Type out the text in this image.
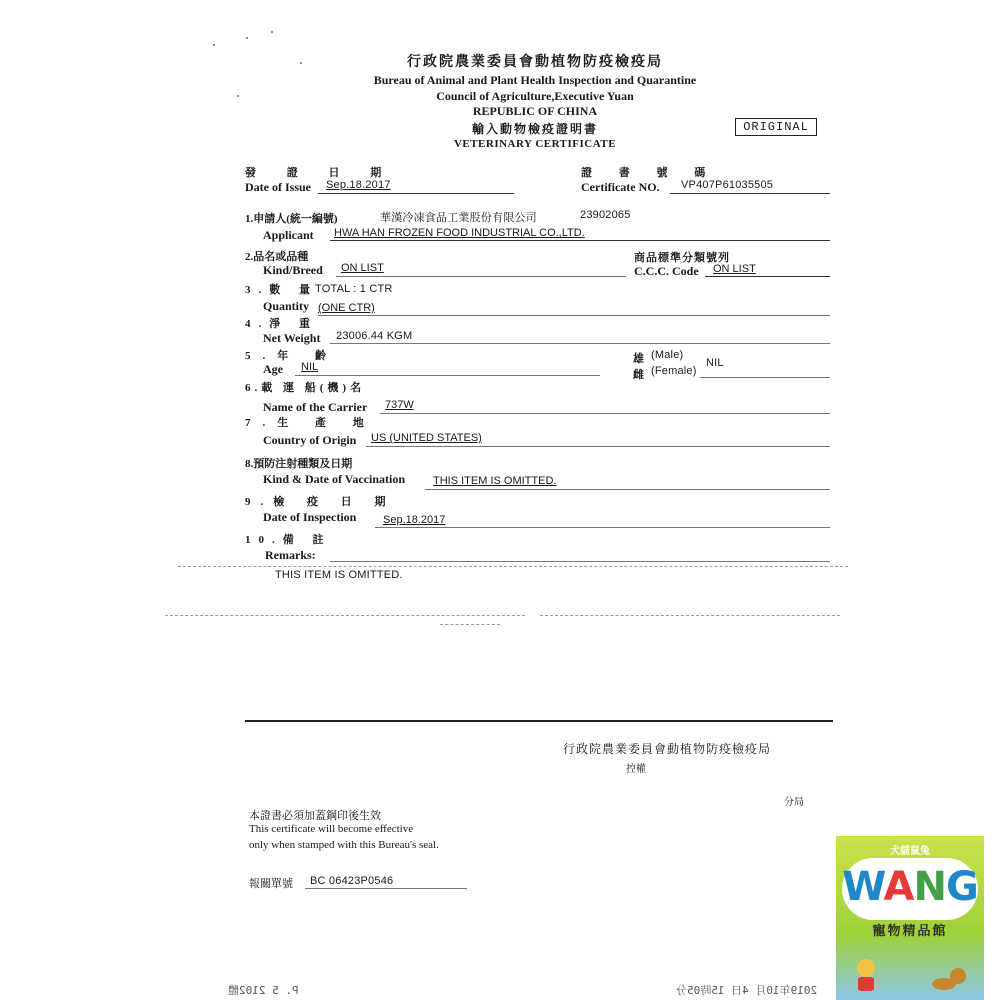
行政院農業委員會動植物防疫檢疫局
Bureau of Animal and Plant Health Inspection and Quarantine
Council of Agriculture,Executive Yuan
REPUBLIC OF CHINA
輸入動物檢疫證明書
VETERINARY CERTIFICATE
ORIGINAL
發 證 日 期
Date of Issue Sep.18.2017
證 書 號 碼
Certificate NO. VP407P61035505
1.申請人(統一編號)	華漢冷凍食品工業股份有限公司	23902065
Applicant HWA HAN FROZEN FOOD INDUSTRIAL CO.,LTD.
2.品名或品種
Kind/Breed ON LIST
商品標準分類號列
C.C.C. Code ON LIST
3.數 量
TOTAL : 1 CTR
Quantity (ONE CTR)
4.淨 重
Net Weight 23006.44 KGM
5.年 齡
Age NIL
雄 (Male)
雌 (Female)
NIL
6.載 運 船(機)名
Name of the Carrier 737W
7.生 產 地
Country of Origin US (UNITED STATES)
8.預防注射種類及日期
Kind & Date of Vaccination	THIS ITEM IS OMITTED.
9.檢 疫 日 期
Date of Inspection Sep.18.2017
10.備 註
Remarks:
THIS ITEM IS OMITTED.
行政院農業委員會動植物防疫檢疫局
控權
分局
本證書必須加蓋鋼印後生效
This certificate will become effective
only when stamped with this Bureau's seal.
報關單號 BC 06423P0546
P. 5 2102體	2019年10月 4日 15時05分
犬貓鼠兔
WANG
寵物精品館
